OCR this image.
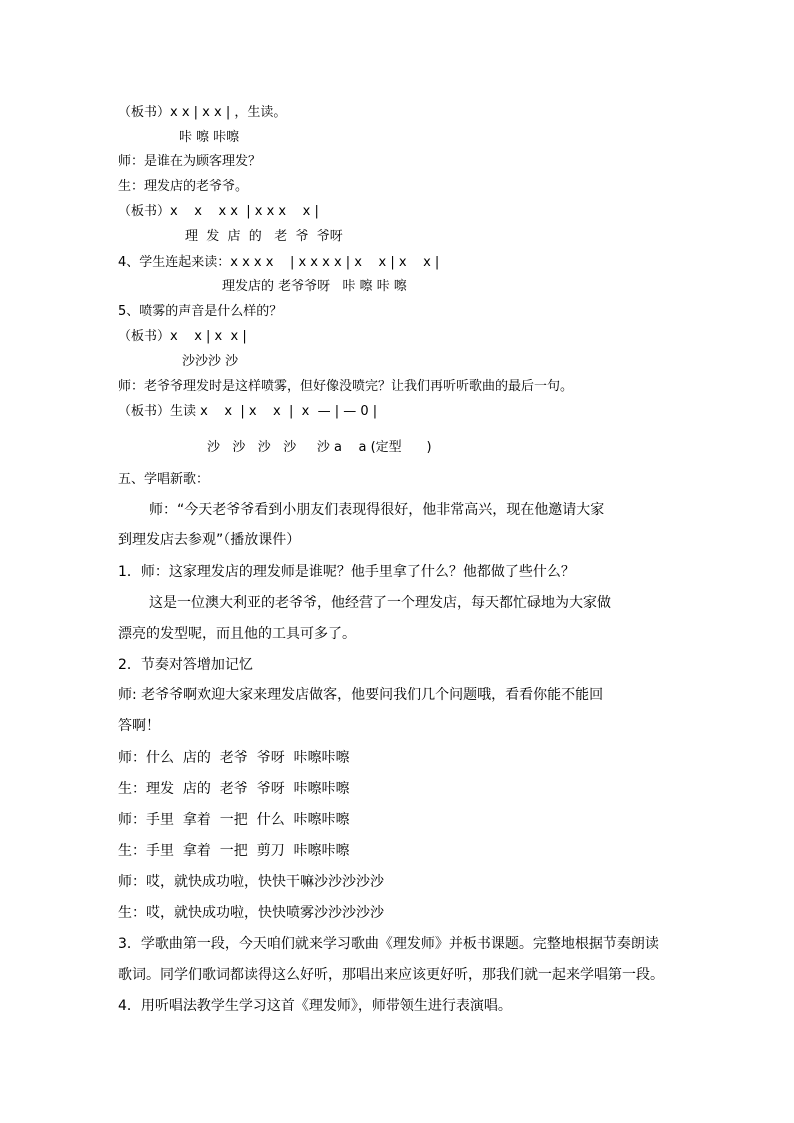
（板书）x x | x x | ，生读。
咔 嚓 咔嚓
师：是谁在为顾客理发？
生：理发店的老爷爷。
（板书）x    x    x x  | x x x    x |
理  发  店  的   老  爷  爷呀
4、学生连起来读：x x x x    | x x x x | x    x | x    x |
理发店的 老爷爷呀   咔 嚓 咔 嚓
5、喷雾的声音是什么样的？
（板书）x    x | x  x |
沙沙沙 沙
师：老爷爷理发时是这样喷雾，但好像没喷完？让我们再听听歌曲的最后一句。
（板书）生读 x    x  | x    x  |  x  — | — 0 |
沙   沙   沙   沙     沙 a    a (定型      )
五、学唱新歌：
师：“今天老爷爷看到小朋友们表现得很好，他非常高兴，现在他邀请大家
到理发店去参观”（播放课件）
1．师：这家理发店的理发师是谁呢？他手里拿了什么？他都做了些什么？
这是一位澳大利亚的老爷爷，他经营了一个理发店，每天都忙碌地为大家做
漂亮的发型呢，而且他的工具可多了。
2．节奏对答增加记忆
师: 老爷爷啊欢迎大家来理发店做客，他要问我们几个问题哦，看看你能不能回
答啊！
师：什么  店的  老爷  爷呀  咔嚓咔嚓
生：理发  店的  老爷  爷呀  咔嚓咔嚓
师：手里  拿着  一把  什么  咔嚓咔嚓
生：手里  拿着  一把  剪刀  咔嚓咔嚓
师：哎，就快成功啦，快快干嘛沙沙沙沙沙
生：哎，就快成功啦，快快喷雾沙沙沙沙沙
3．学歌曲第一段，今天咱们就来学习歌曲《理发师》并板书课题。完整地根据节奏朗读
歌词。同学们歌词都读得这么好听，那唱出来应该更好听，那我们就一起来学唱第一段。
4．用听唱法教学生学习这首《理发师》，师带领生进行表演唱。
